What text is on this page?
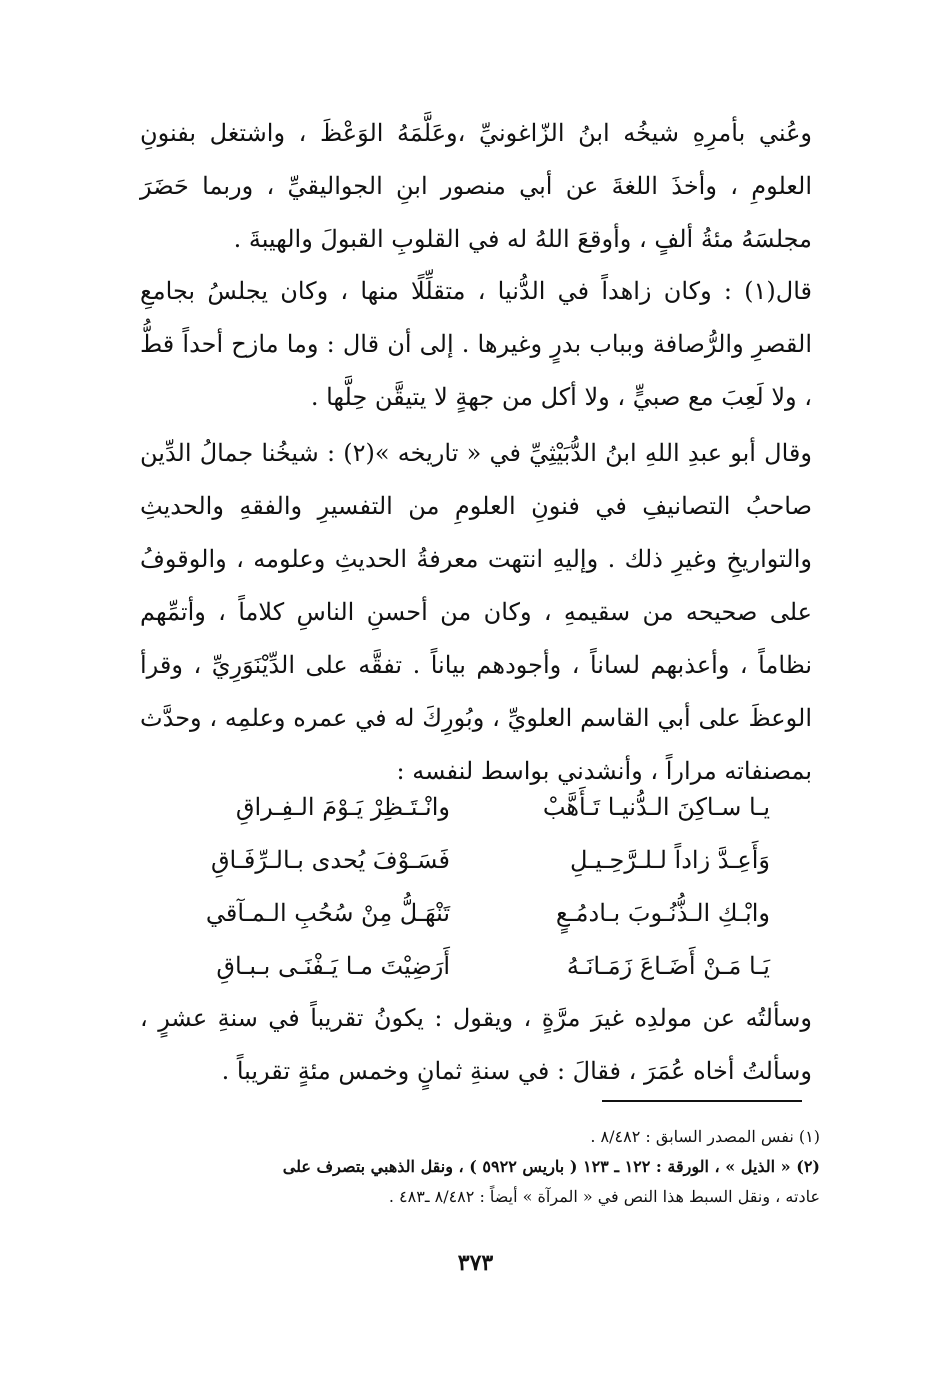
وعُني بأمرِهِ شيخُه ابنُ الزّاغونيِّ ،وعَلَّمَهُ الوَعْظَ ، واشتغل بفنونِ العلومِ ، وأخذَ اللغةَ عن أبي منصور ابنِ الجواليقيِّ ، وربما حَضَرَ مجلسَهُ مئةُ ألفٍ ، وأوقعَ اللهُ له في القلوبِ القبولَ والهيبةَ .

قال(١) : وكان زاهداً في الدُّنيا ، متقلِّلًا منها ، وكان يجلسُ بجامعِ القصرِ والرُّصافة وبباب بدرٍ وغيرها . إلى أن قال : وما مازح أحداً قطُّ ، ولا لَعِبَ مع صبيٍّ ، ولا أكل من جهةٍ لا يتيقَّن حِلَّها .

وقال أبو عبدِ اللهِ ابنُ الدُّبَيْثِيِّ في « تاريخه »(٢) : شيخُنا جمالُ الدِّين صاحبُ التصانيفِ في فنونِ العلومِ من التفسيرِ والفقهِ والحديثِ والتواريخِ وغيرِ ذلك . وإليهِ انتهت معرفةُ الحديثِ وعلومه ، والوقوفُ على صحيحه من سقيمهِ ، وكان من أحسنِ الناسِ كلاماً ، وأتمِّهم نظاماً ، وأعذبهم لساناً ، وأجودهم بياناً . تفقَّه على الدِّيْنَوَرِيِّ ، وقرأ الوعظَ على أبي القاسم العلويِّ ، وبُورِكَ له في عمره وعلمِه ، وحدَّث بمصنفاته مراراً ، وأنشدني بواسط لنفسه :

يـا سـاكِنَ الـدُّنيـا تَـأَهَّبْ
وانْـتَـظِرْ يَـوْمَ الـفِـراقِ
وَأَعِـدَّ زاداً لـلـرَّحِـيـلِ
فَسَـوْفَ يُحدى بـالـرِّفَـاقِ
وابْـكِ الـذُّنُـوبَ بـادمُـعٍ
تَنْهَـلُّ مِنْ سُحُبِ الـمـآقي
يَـا مَـنْ أَضَـاعَ زَمَـانَـهُ
أَرَضِيْتَ مـا يَـفْنَـى بـبـاقِ

وسألتُه عن مولدِه غيرَ مرَّةٍ ، ويقول : يكونُ تقريباً في سنةِ عشرٍ ، وسألتُ أخاه عُمَرَ ، فقالَ : في سنةِ ثمانٍ وخمس مئةٍ تقريباً .

(١) نفس المصدر السابق : ٨/٤٨٢ .

(٢) « الذيل » ، الورقة : ١٢٢ ـ ١٢٣ ( باريس ٥٩٢٢ ) ، ونقل الذهبي بتصرف على

عادته ، ونقل السبط هذا النص في « المرآة » أيضاً : ٨/٤٨٢ ـ٤٨٣ .

٣٧٣
